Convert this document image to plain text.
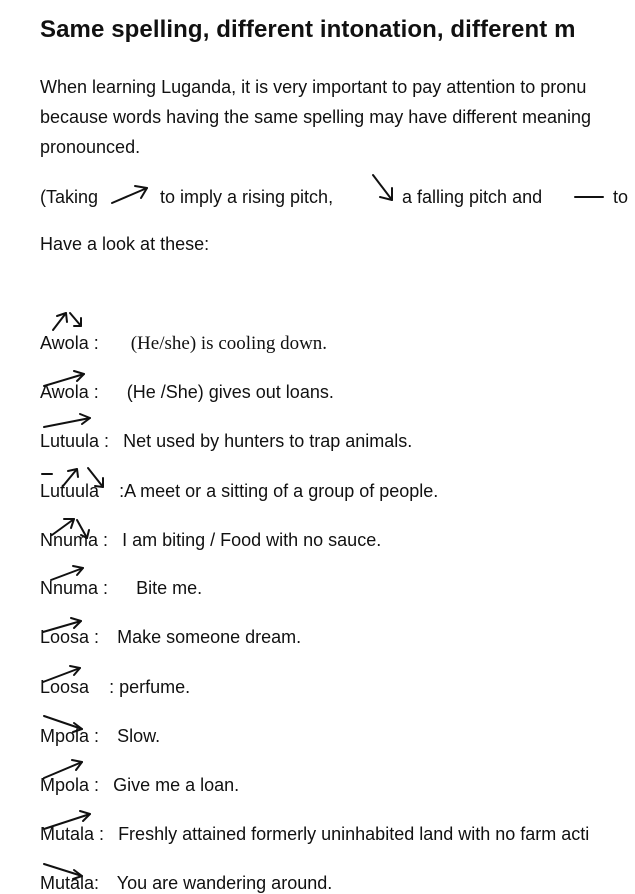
Same spelling, different intonation, different m
When learning Luganda, it is very important to pay attention to pronu
because words having the same spelling may have different meaning
pronounced.
(Taking	to imply a rising pitch,	a falling pitch and	to
Have a look at these:
Awola : (He/she) is cooling down.
Awola : (He /She) gives out loans.
Lutuula : Net used by hunters to trap animals.
Lutuula :A meet or a sitting of a group of people.
Nnuma : I am biting / Food with no sauce.
Nnuma : Bite me.
Loosa : Make someone dream.
Loosa : perfume.
Mpola : Slow.
Mpola : Give me a loan.
Mutala : Freshly attained formerly uninhabited land with no farm acti
Mutala: You are wandering around.
